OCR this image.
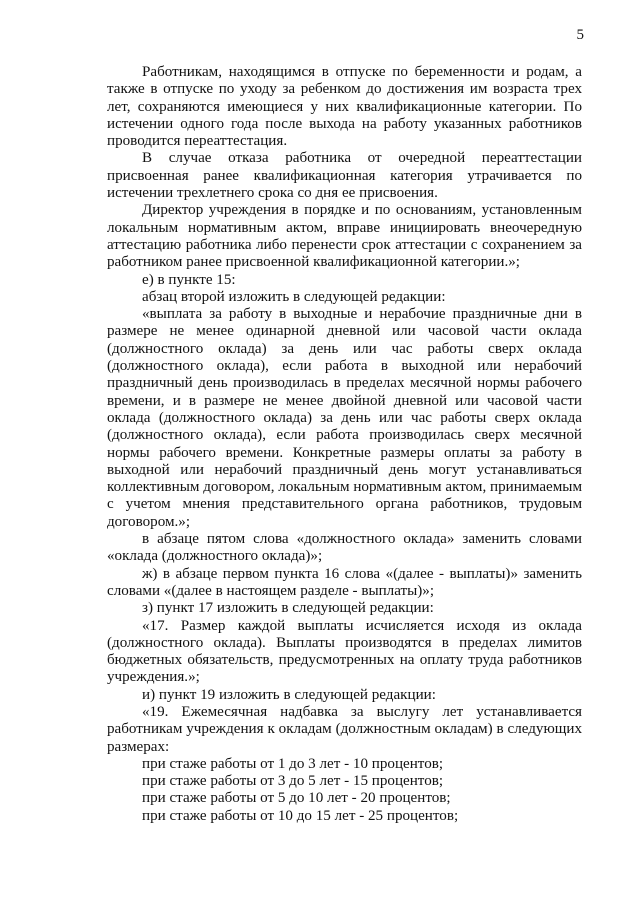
5

Работникам, находящимся в отпуске по беременности и родам, а также в отпуске по уходу за ребенком до достижения им возраста трех лет, сохраняются имеющиеся у них квалификационные категории. По истечении одного года после выхода на работу указанных работников проводится переаттестация.

В случае отказа работника от очередной переаттестации присвоенная ранее квалификационная категория утрачивается по истечении трехлетнего срока со дня ее присвоения.

Директор учреждения в порядке и по основаниям, установленным локальным нормативным актом, вправе инициировать внеочередную аттестацию работника либо перенести срок аттестации с сохранением за работником ранее присвоенной квалификационной категории.»;

е) в пункте 15:

абзац второй изложить в следующей редакции:

«выплата за работу в выходные и нерабочие праздничные дни в размере не менее одинарной дневной или часовой части оклада (должностного оклада) за день или час работы сверх оклада (должностного оклада), если работа в выходной или нерабочий праздничный день производилась в пределах месячной нормы рабочего времени, и в размере не менее двойной дневной или часовой части оклада (должностного оклада) за день или час работы сверх оклада (должностного оклада), если работа производилась сверх месячной нормы рабочего времени. Конкретные размеры оплаты за работу в выходной или нерабочий праздничный день могут устанавливаться коллективным договором, локальным нормативным актом, принимаемым с учетом мнения представительного органа работников, трудовым договором.»;

в абзаце пятом слова «должностного оклада» заменить словами «оклада (должностного оклада)»;

ж) в абзаце первом пункта 16 слова «(далее - выплаты)» заменить словами «(далее в настоящем разделе - выплаты)»;

з) пункт 17 изложить в следующей редакции:

«17. Размер каждой выплаты исчисляется исходя из оклада (должностного оклада). Выплаты производятся в пределах лимитов бюджетных обязательств, предусмотренных на оплату труда работников учреждения.»;

и) пункт 19 изложить в следующей редакции:

«19. Ежемесячная надбавка за выслугу лет устанавливается работникам учреждения к окладам (должностным окладам) в следующих размерах:

при стаже работы от 1 до 3 лет - 10 процентов;

при стаже работы от 3 до 5 лет - 15 процентов;

при стаже работы от 5 до 10 лет - 20 процентов;

при стаже работы от 10 до 15 лет - 25 процентов;
